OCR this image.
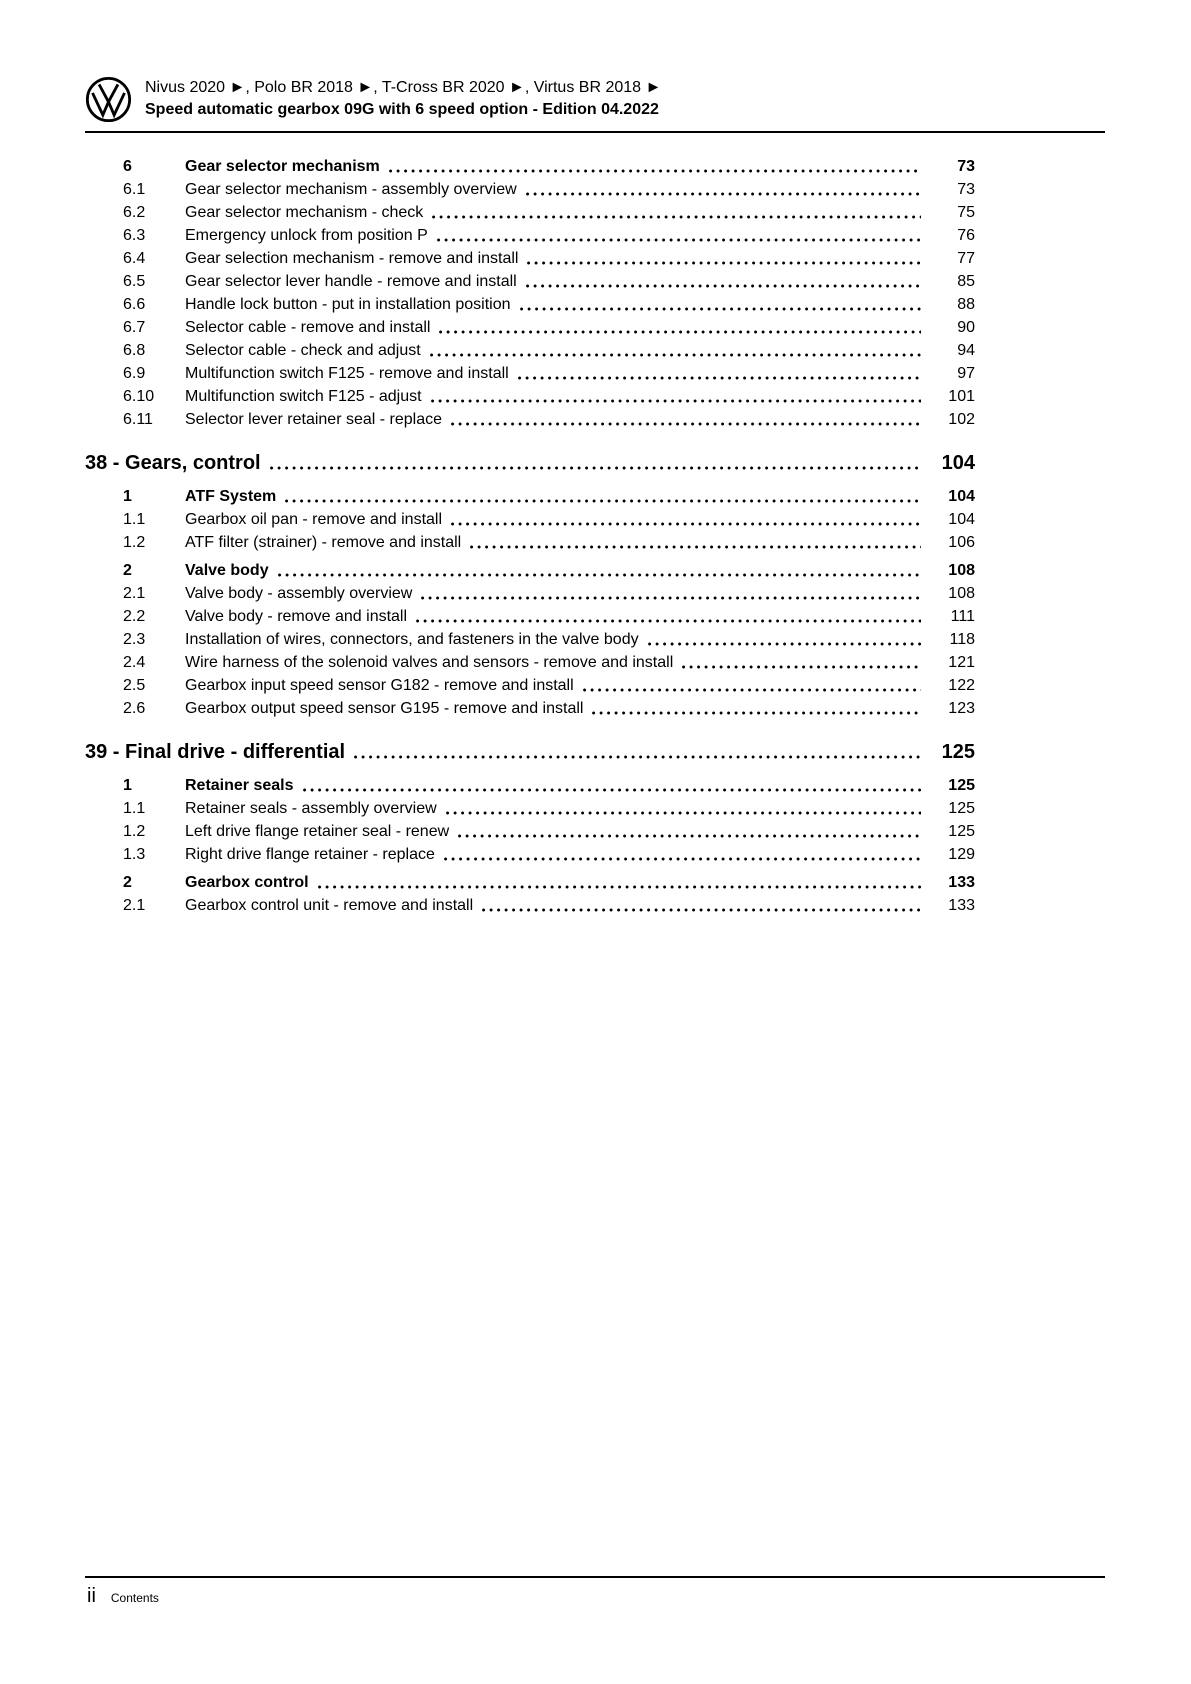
Nivus 2020 ►, Polo BR 2018 ►, T-Cross BR 2020 ►, Virtus BR 2018 ►
Speed automatic gearbox 09G with 6 speed option - Edition 04.2022
6	Gear selector mechanism	73
6.1	Gear selector mechanism - assembly overview	73
6.2	Gear selector mechanism - check	75
6.3	Emergency unlock from position P	76
6.4	Gear selection mechanism - remove and install	77
6.5	Gear selector lever handle - remove and install	85
6.6	Handle lock button - put in installation position	88
6.7	Selector cable - remove and install	90
6.8	Selector cable - check and adjust	94
6.9	Multifunction switch F125 - remove and install	97
6.10	Multifunction switch F125 - adjust	101
6.11	Selector lever retainer seal - replace	102
38 - Gears, control	104
1	ATF System	104
1.1	Gearbox oil pan - remove and install	104
1.2	ATF filter (strainer) - remove and install	106
2	Valve body	108
2.1	Valve body - assembly overview	108
2.2	Valve body - remove and install	111
2.3	Installation of wires, connectors, and fasteners in the valve body	118
2.4	Wire harness of the solenoid valves and sensors - remove and install	121
2.5	Gearbox input speed sensor G182 - remove and install	122
2.6	Gearbox output speed sensor G195 - remove and install	123
39 - Final drive - differential	125
1	Retainer seals	125
1.1	Retainer seals - assembly overview	125
1.2	Left drive flange retainer seal - renew	125
1.3	Right drive flange retainer - replace	129
2	Gearbox control	133
2.1	Gearbox control unit - remove and install	133
ii Contents
